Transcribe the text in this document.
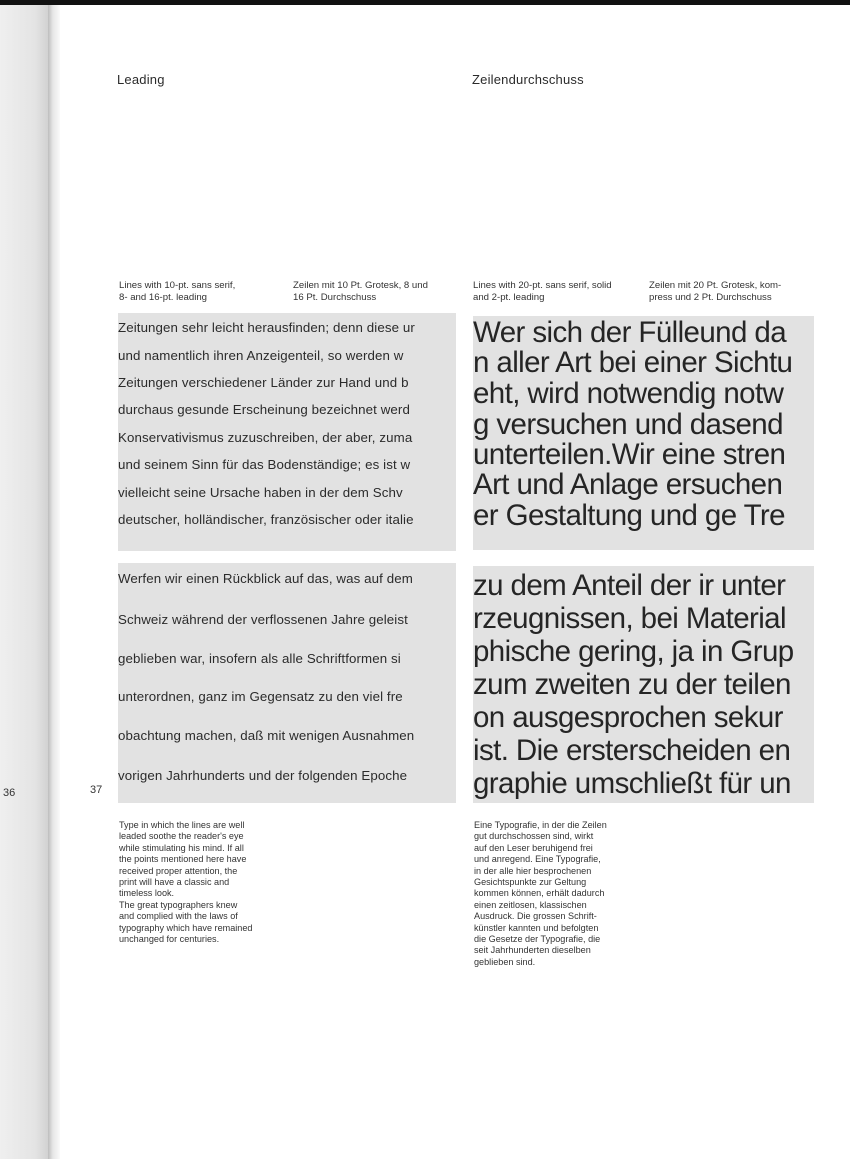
36	37
Leading	Zeilendurchschuss
Lines with 10-pt. sans serif,
8- and 16-pt. leading
Zeilen mit 10 Pt. Grotesk, 8 und
16 Pt. Durchschuss
Lines with 20-pt. sans serif, solid
and 2-pt. leading
Zeilen mit 20 Pt. Grotesk, kom-
press und 2 Pt. Durchschuss
Zeitungen sehr leicht herausfinden; denn diese ur
und namentlich ihren Anzeigenteil, so werden w
Zeitungen verschiedener Länder zur Hand und b
durchaus gesunde Erscheinung bezeichnet werd
Konservativismus zuzuschreiben, der aber, zuma
und seinem Sinn für das Bodenständige; es ist w
vielleicht seine Ursache haben in der dem Schv
deutscher, holländischer, französischer oder italie
Werfen wir einen Rückblick auf das, was auf dem
Schweiz während der verflossenen Jahre geleist
geblieben war, insofern als alle Schriftformen si
unterordnen, ganz im Gegensatz zu den viel fre
obachtung machen, daß mit wenigen Ausnahmen
vorigen Jahrhunderts und der folgenden Epoche
Wer sich der Fülleund da
n aller Art bei einer Sichtu
eht, wird notwendig notw
g versuchen und dasend
unterteilen.Wir eine stren
Art und Anlage ersuchen
er Gestaltung und ge Tre
zu dem Anteil der ir unter
rzeugnissen, bei Material
phische gering, ja in Grup
zum zweiten zu der teilen
on ausgesprochen sekur
ist. Die ersterscheiden en
graphie umschließt für un
Type in which the lines are well
leaded soothe the reader's eye
while stimulating his mind. If all
the points mentioned here have
received proper attention, the
print will have a classic and
timeless look.
The great typographers knew
and complied with the laws of
typography which have remained
unchanged for centuries.
Eine Typografie, in der die Zeilen
gut durchschossen sind, wirkt
auf den Leser beruhigend frei
und anregend. Eine Typografie,
in der alle hier besprochenen
Gesichtspunkte zur Geltung
kommen können, erhält dadurch
einen zeitlosen, klassischen
Ausdruck. Die grossen Schrift-
künstler kannten und befolgten
die Gesetze der Typografie, die
seit Jahrhunderten dieselben
geblieben sind.
